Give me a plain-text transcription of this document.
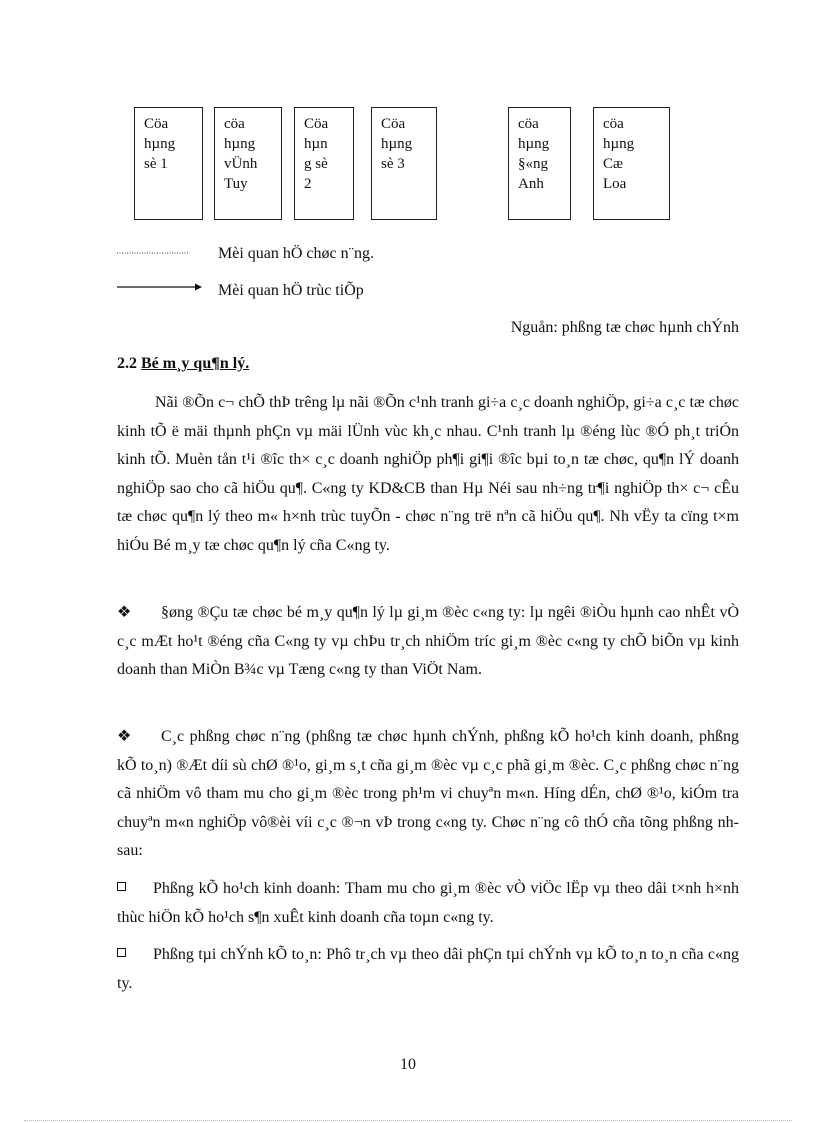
Cöa
hµng
sè 1
cöa
hµng
vÜnh
Tuy
Cöa
hµn
g sè
2
Cöa
hµng
sè 3
cöa
hµng
§«ng
Anh
cöa
hµng
Cæ
Loa
Mèi quan hÖ chøc n¨ng.
Mèi quan hÖ trùc tiÕp
Nguån: phßng tæ chøc hµnh chÝnh
2.2 Bé m¸y qu¶n lý.

Nãi ®Õn c¬ chÕ thÞ trêng lµ nãi ®Õn c¹nh tranh gi÷a c¸c doanh nghiÖp, gi÷a c¸c tæ chøc kinh tÕ ë mäi thµnh phÇn vµ mäi lÜnh vùc kh¸c nhau. C¹nh tranh lµ ®éng lùc ®Ó ph¸t triÓn kinh tÕ. Muèn tån t¹i ®îc th× c¸c doanh nghiÖp ph¶i gi¶i ®îc bµi to¸n tæ chøc, qu¶n lÝ doanh nghiÖp sao cho cã hiÖu qu¶. C«ng ty KD&CB than Hµ Néi sau nh÷ng tr¶i nghiÖp th× c¬ cÊu tæ chøc qu¶n lý theo m« h×nh trùc tuyÕn - chøc n¨ng trë nªn cã hiÖu qu¶. Nh vËy ta cïng t×m hiÓu Bé m¸y tæ chøc qu¶n lý cña C«ng ty.

❖ §øng ®Çu tæ chøc bé m¸y qu¶n lý lµ gi¸m ®èc c«ng ty: lµ ngêi ®iÒu hµnh cao nhÊt vÒ c¸c mÆt ho¹t ®éng cña C«ng ty vµ chÞu tr¸ch nhiÖm tríc gi¸m ®èc c«ng ty chÕ biÕn vµ kinh doanh than MiÒn B¾c vµ Tæng c«ng ty than ViÖt Nam.

❖ C¸c phßng chøc n¨ng (phßng tæ chøc hµnh chÝnh, phßng kÕ ho¹ch kinh doanh, phßng kÕ to¸n) ®Æt díi sù chØ ®¹o, gi¸m s¸t cña gi¸m ®èc vµ c¸c phã gi¸m ®èc. C¸c phßng chøc n¨ng cã nhiÖm vô tham mu cho gi¸m ®èc trong ph¹m vi chuyªn m«n. Híng dÉn, chØ ®¹o, kiÓm tra chuyªn m«n nghiÖp vô®èi víi c¸c ®¬n vÞ trong c«ng ty. Chøc n¨ng cô thÓ cña tõng phßng nh sau:

Phßng kÕ ho¹ch kinh doanh: Tham mu cho gi¸m ®èc vÒ viÖc lËp vµ theo dâi t×nh h×nh thùc hiÖn kÕ ho¹ch s¶n xuÊt kinh doanh cña toµn c«ng ty.

Phßng tµi chÝnh kÕ to¸n: Phô tr¸ch vµ theo dâi phÇn tµi chÝnh vµ kÕ to¸n to¸n cña c«ng ty.

10
